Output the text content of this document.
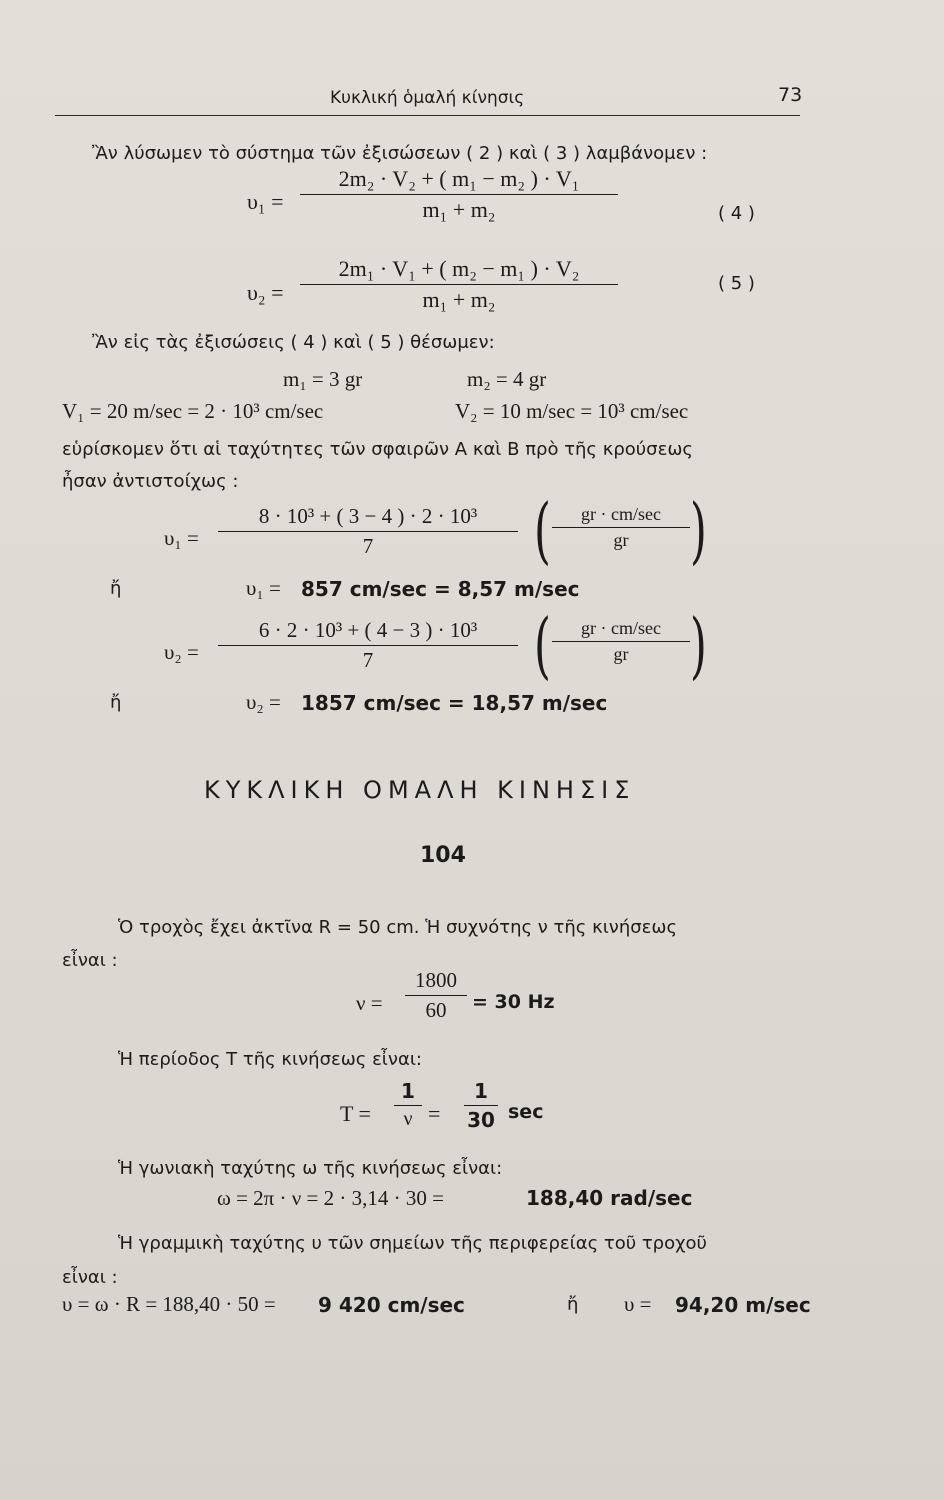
Κυκλική ὁμαλή κίνησις	73
Ἂν λύσωμεν τὸ σύστημα τῶν ἐξισώσεων ( 2 ) καὶ ( 3 ) λαμβάνομεν :
υ₁ =
2m₂ · V₂ + ( m₁ − m₂ ) · V₁
m₁ + m₂	( 4 )
υ₂ =
2m₁ · V₁ + ( m₂ − m₁ ) · V₂
m₁ + m₂
( 5 )
Ἂν εἰς τὰς ἐξισώσεις ( 4 ) καὶ ( 5 ) θέσωμεν:
m₁ = 3 gr	m₂ = 4 gr
V₁ = 20 m/sec = 2 · 10³ cm/sec	V₂ = 10 m/sec = 10³ cm/sec
εὑρίσκομεν ὅτι αἱ ταχύτητες τῶν σφαιρῶν Α καὶ Β πρὸ τῆς κρούσεως
ἦσαν ἀντιστοίχως :
υ₁ =
8 · 10³ + ( 3 − 4 ) · 2 · 10³
7	(	gr · cm/sec
gr )
ἤ	υ₁ = 857 cm/sec = 8,57 m/sec
υ₂ =
6 · 2 · 10³ + ( 4 − 3 ) · 10³
7	(	gr · cm/sec
gr )
ἤ	υ₂ = 1857 cm/sec = 18,57 m/sec
ΚΥΚΛΙΚΗ ΟΜΑΛΗ ΚΙΝΗΣΙΣ
104
Ὁ τροχὸς ἔχει ἀκτῖνα R = 50 cm. Ἡ συχνότης ν τῆς κινήσεως
εἶναι :
ν =
1800
60	= 30 Hz
Ἡ περίοδος Τ τῆς κινήσεως εἶναι:
T =
1
ν =
1
30 sec
Ἡ γωνιακὴ ταχύτης ω τῆς κινήσεως εἶναι:
ω = 2π · ν = 2 · 3,14 · 30 =	188,40 rad/sec
Ἡ γραμμικὴ ταχύτης υ τῶν σημείων τῆς περιφερείας τοῦ τροχοῦ
εἶναι :
υ = ω · R = 188,40 · 50 = 9 420 cm/sec	ἤ υ = 94,20 m/sec
